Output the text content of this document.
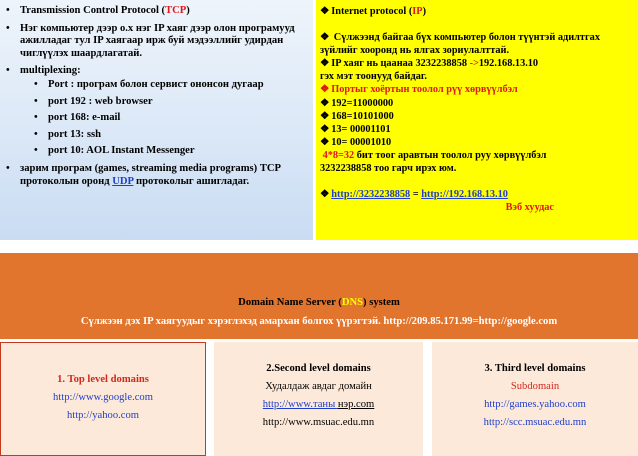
• Transmission Control Protocol (TCP)
• Нэг компьютер дээр о.х нэг IP хаяг дээр олон програмууд ажилладаг тул IP хаягаар ирж буй мэдээллийг удирдан чиглүүлэх шаардлагатай.
• multiplexing:
• Port : програм болон сервист ононсон дугаар
• port 192 : web browser
• port 168: e-mail
• port 13: ssh
• port 10: AOL Instant Messenger
• зарим програм (games, streaming media programs) TCP протоколын оронд UDP протоколыг ашигладаг.

❖ Internet protocol (IP)

❖ Сүлжээнд байгаа бүх компьютер болон түүнтэй адилтгах зүйлийг хооронд нь ялгах зориулалттай.

❖ IP хаяг нь цаанаа 3232238858 ->192.168.13.10

гэх мэт тоонууд байдаг.

❖ Портыг хоёртын тоолол рүү хөрвүүлбэл

❖ 192=11000000

❖ 168=10101000

❖ 13= 00001101

❖ 10= 00001010

4*8=32 бит тоог аравтын тоолол руу хөрвүүлбэл

3232238858 тоо гарч ирэх юм.

❖ http://3232238858 = http://192.168.13.10

Вэб хуудас

Domain Name Server (DNS) system
Сүлжээн дэх IP хаягуудыг хэрэглэхэд амархан болгох үүрэгтэй. http://209.85.171.99=http://google.com
1. Top level domains
http://www.google.com
http://yahoo.com
2.Second level domains
Худалдаж авдаг домайн
http://www.таны нэр.com
http://www.msuac.edu.mn
3. Third level domains
Subdomain
http://games.yahoo.com
http://scc.msuac.edu.mn
